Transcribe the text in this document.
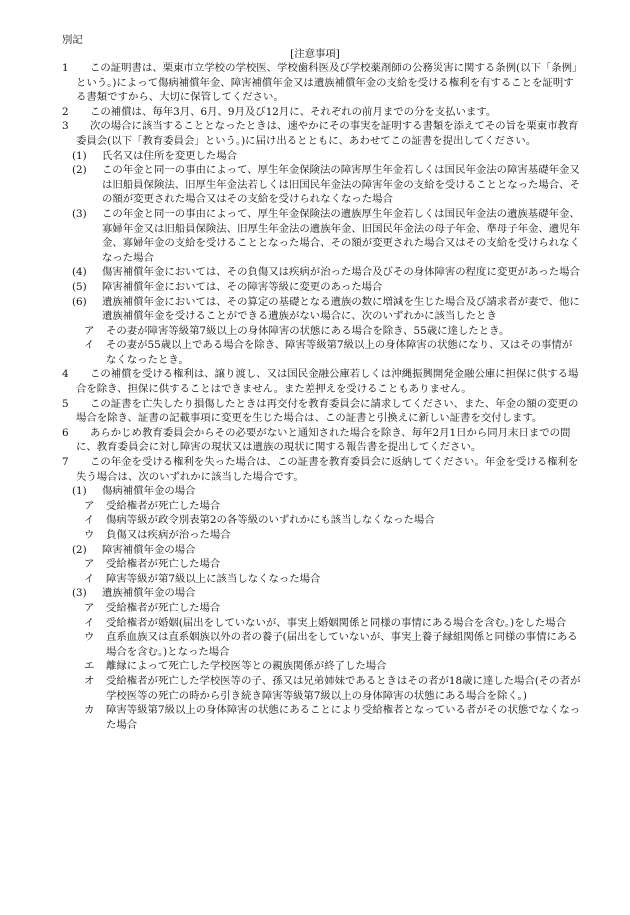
別記

[注意事項]

1	この証明書は、栗東市立学校の学校医、学校歯科医及び学校薬剤師の公務災害に関する条例(以下「条例」という。)によって傷病補償年金、障害補償年金又は遺族補償年金の支給を受ける権利を有することを証明する書類ですから、大切に保管してください。
2	この補償は、毎年3月、6月、9月及び12月に、それぞれの前月までの分を支払います。
3	次の場合に該当することとなったときは、速やかにその事実を証明する書類を添えてその旨を栗東市教育委員会(以下「教育委員会」という。)に届け出るとともに、あわせてこの証書を提出してください。
(1) 氏名又は住所を変更した場合
(2) この年金と同一の事由によって、厚生年金保険法の障害厚生年金若しくは国民年金法の障害基礎年金又は旧船員保険法、旧厚生年金法若しくは旧国民年金法の障害年金の支給を受けることとなった場合、その額が変更された場合又はその支給を受けられなくなった場合
(3) この年金と同一の事由によって、厚生年金保険法の遺族厚生年金若しくは国民年金法の遺族基礎年金、寡婦年金又は旧船員保険法、旧厚生年金法の遺族年金、旧国民年金法の母子年金、準母子年金、遺児年金、寡婦年金の支給を受けることとなった場合、その額が変更された場合又はその支給を受けられなくなった場合
(4) 傷害補償年金においては、その負傷又は疾病が治った場合及びその身体障害の程度に変更があった場合
(5) 障害補償年金においては、その障害等級に変更のあった場合
(6) 遺族補償年金においては、その算定の基礎となる遺族の数に増減を生じた場合及び請求者が妻で、他に遺族補償年金を受けることができる遺族がない場合に、次のいずれかに該当したとき
ア その妻が障害等級第7級以上の身体障害の状態にある場合を除き、55歳に達したとき。
イ その妻が55歳以上である場合を除き、障害等級第7級以上の身体障害の状態になり、又はその事情がなくなったとき。
4	この補償を受ける権利は、譲り渡し、又は国民金融公庫若しくは沖縄振興開発金融公庫に担保に供する場合を除き、担保に供することはできません。また差押えを受けることもありません。
5	この証書を亡失したり損傷したときは再交付を教育委員会に請求してください、また、年金の額の変更の場合を除き、証書の記載事項に変更を生じた場合は、この証書と引換えに新しい証書を交付します。
6	あらかじめ教育委員会からその必要がないと通知された場合を除き、毎年2月1日から同月末日までの間に、教育委員会に対し障害の現状又は遺族の現状に関する報告書を提出してください。
7	この年金を受ける権利を失った場合は、この証書を教育委員会に返納してください。年金を受ける権利を失う場合は、次のいずれかに該当した場合です。
(1) 傷病補償年金の場合
ア 受給権者が死亡した場合
イ 傷病等級が政令別表第2の各等級のいずれかにも該当しなくなった場合
ウ 負傷又は疾病が治った場合
(2) 障害補償年金の場合
ア 受給権者が死亡した場合
イ 障害等級が第7級以上に該当しなくなった場合
(3) 遺族補償年金の場合
ア 受給権者が死亡した場合
イ 受給権者が婚姻(届出をしていないが、事実上婚姻関係と同様の事情にある場合を含む。)をした場合
ウ 直系血族又は直系姻族以外の者の養子(届出をしていないが、事実上養子縁組関係と同様の事情にある場合を含む。)となった場合
エ 離縁によって死亡した学校医等との親族関係が終了した場合
オ 受給権者が死亡した学校医等の子、孫又は兄弟姉妹であるときはその者が18歳に達した場合(その者が学校医等の死亡の時から引き続き障害等級第7級以上の身体障害の状態にある場合を除く。)
カ 障害等級第7級以上の身体障害の状態にあることにより受給権者となっている者がその状態でなくなった場合
